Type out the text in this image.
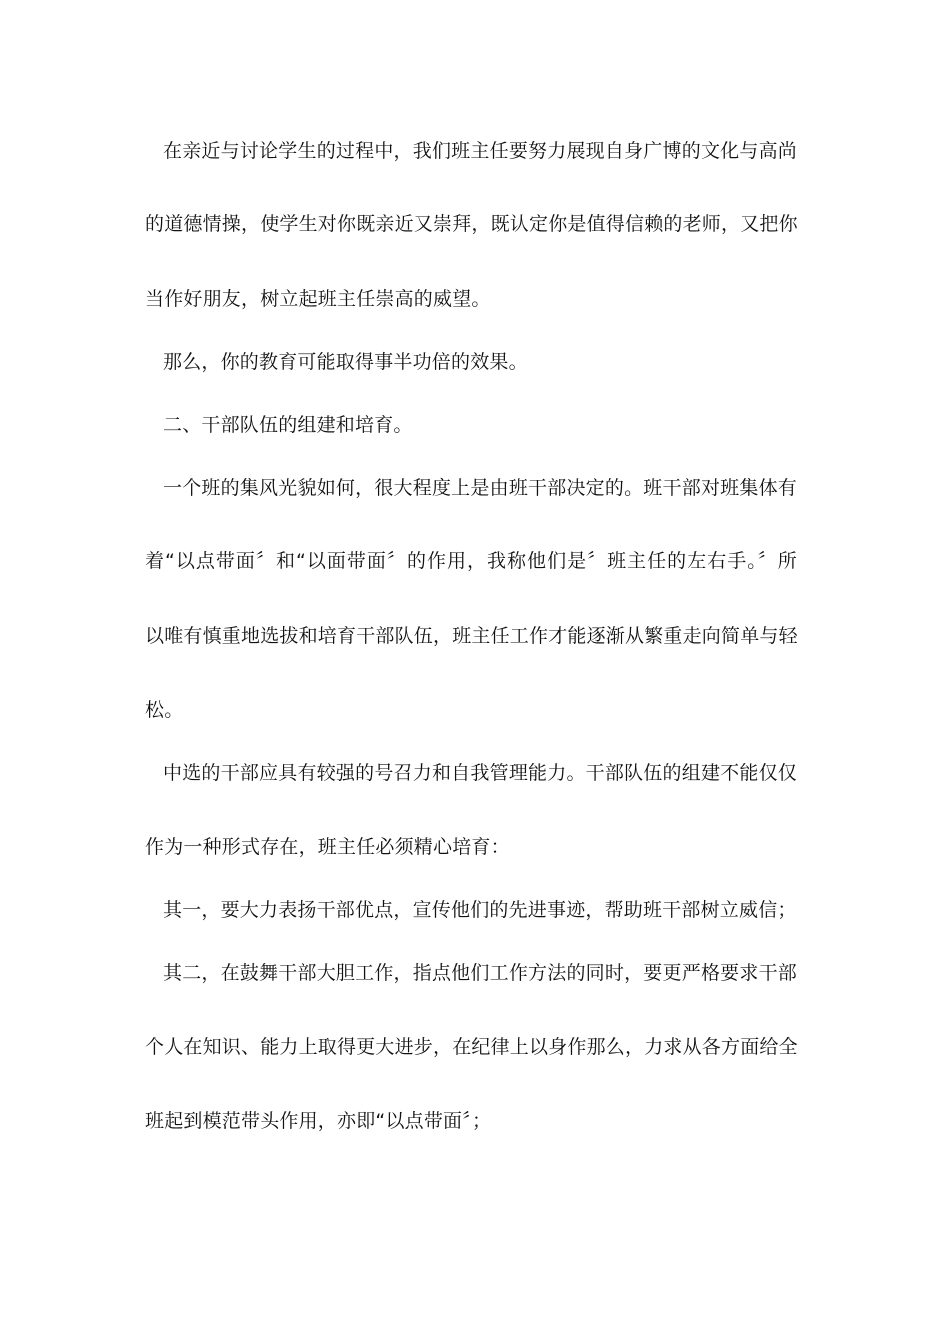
在亲近与讨论学生的过程中，我们班主任要努力展现自身广博的文化与高尚
的道德情操，使学生对你既亲近又崇拜，既认定你是值得信赖的老师，又把你
当作好朋友，树立起班主任崇高的威望。
那么，你的教育可能取得事半功倍的效果。
二、干部队伍的组建和培育。
一个班的集风光貌如何，很大程度上是由班干部决定的。班干部对班集体有
着“以点带面〞和“以面带面〞的作用，我称他们是〞班主任的左右手。〞所
以唯有慎重地选拔和培育干部队伍，班主任工作才能逐渐从繁重走向简单与轻
松。
中选的干部应具有较强的号召力和自我管理能力。干部队伍的组建不能仅仅
作为一种形式存在，班主任必须精心培育：
其一，要大力表扬干部优点，宣传他们的先进事迹，帮助班干部树立威信；
其二，在鼓舞干部大胆工作，指点他们工作方法的同时，要更严格要求干部
个人在知识、能力上取得更大进步，在纪律上以身作那么，力求从各方面给全
班起到模范带头作用，亦即“以点带面〞；
